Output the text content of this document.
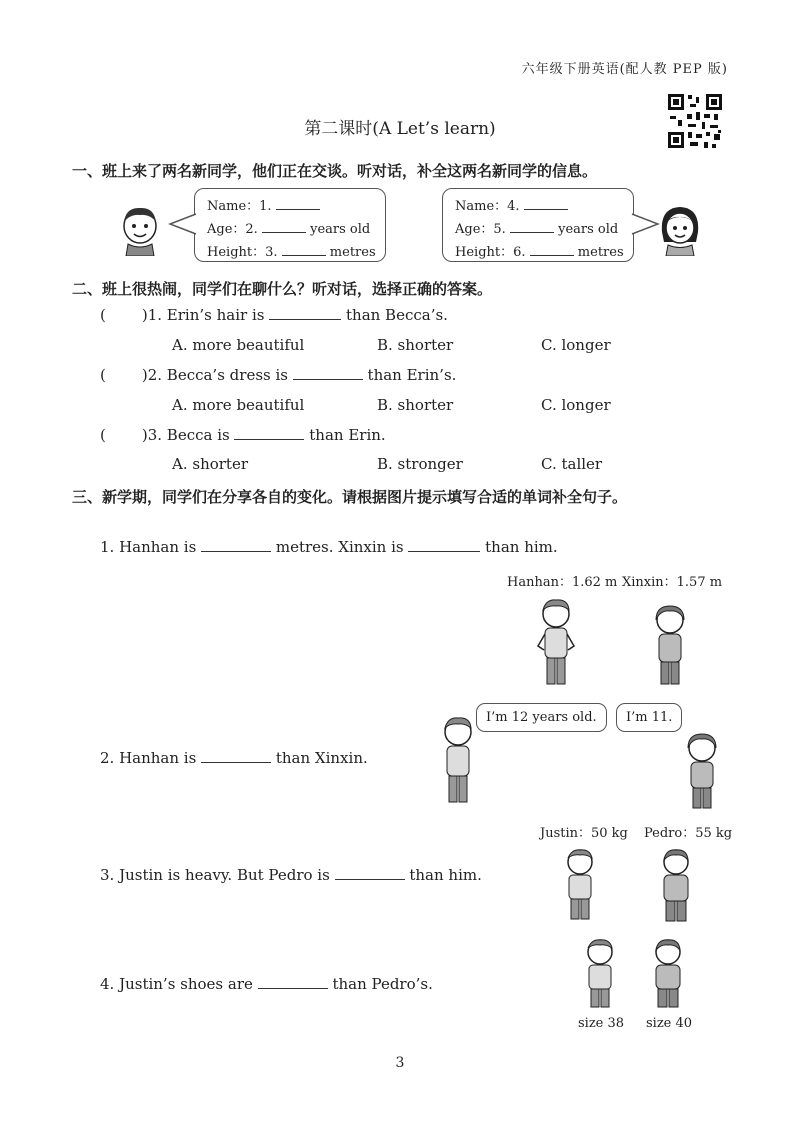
六年级下册英语(配人教 PEP 版)
第二课时(A Let’s learn)
一、班上来了两名新同学，他们正在交谈。听对话，补全这两名新同学的信息。
Name：1.
Age：2.	years old
Height：3.	metres
Name：4.
Age：5.	years old
Height：6.	metres
二、班上很热闹，同学们在聊什么？听对话，选择正确的答案。
( )1. Erin’s hair is	than Becca’s.
A. more beautiful	B. shorter	C. longer
( )2. Becca’s dress is	than Erin’s.
A. more beautiful	B. shorter	C. longer
( )3. Becca is	than Erin.
A. shorter	B. stronger	C. taller
三、新学期，同学们在分享各自的变化。请根据图片提示填写合适的单词补全句子。
1. Hanhan is	metres. Xinxin is	than him.
Hanhan：1.62 m Xinxin：1.57 m
2. Hanhan is	than Xinxin.
I’m 12 years old.	I’m 11.
Justin：50 kg Pedro：55 kg
3. Justin is heavy. But Pedro is	than him.
4. Justin’s shoes are	than Pedro’s.
size 38 size 40
3
